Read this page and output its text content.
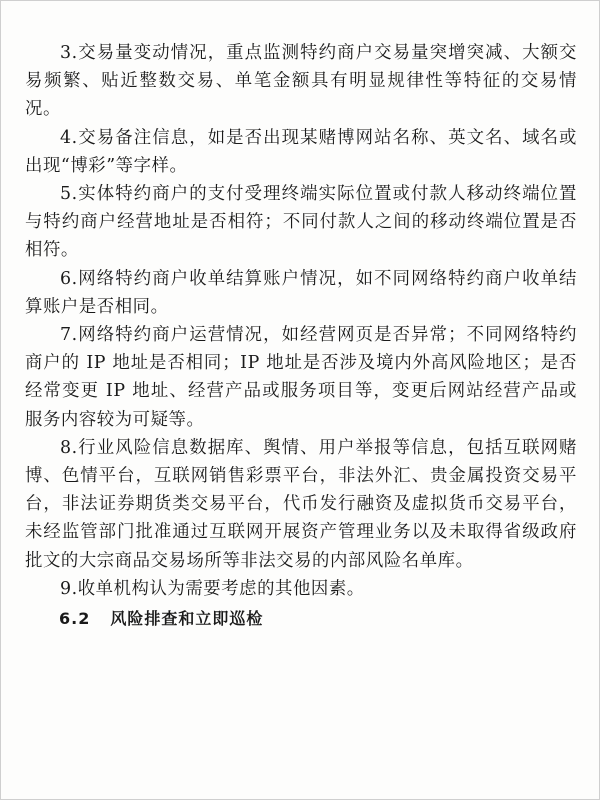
3.交易量变动情况，重点监测特约商户交易量突增突减、大额交易频繁、贴近整数交易、单笔金额具有明显规律性等特征的交易情况。

4.交易备注信息，如是否出现某赌博网站名称、英文名、域名或出现“博彩”等字样。

5.实体特约商户的支付受理终端实际位置或付款人移动终端位置与特约商户经营地址是否相符；不同付款人之间的移动终端位置是否相符。

6.网络特约商户收单结算账户情况，如不同网络特约商户收单结算账户是否相同。

7.网络特约商户运营情况，如经营网页是否异常；不同网络特约商户的 IP 地址是否相同；IP 地址是否涉及境内外高风险地区；是否经常变更 IP 地址、经营产品或服务项目等，变更后网站经营产品或服务内容较为可疑等。

8.行业风险信息数据库、舆情、用户举报等信息，包括互联网赌博、色情平台，互联网销售彩票平台，非法外汇、贵金属投资交易平台，非法证券期货类交易平台，代币发行融资及虚拟货币交易平台，未经监管部门批准通过互联网开展资产管理业务以及未取得省级政府批文的大宗商品交易场所等非法交易的内部风险名单库。

9.收单机构认为需要考虑的其他因素。

6.2 风险排查和立即巡检
